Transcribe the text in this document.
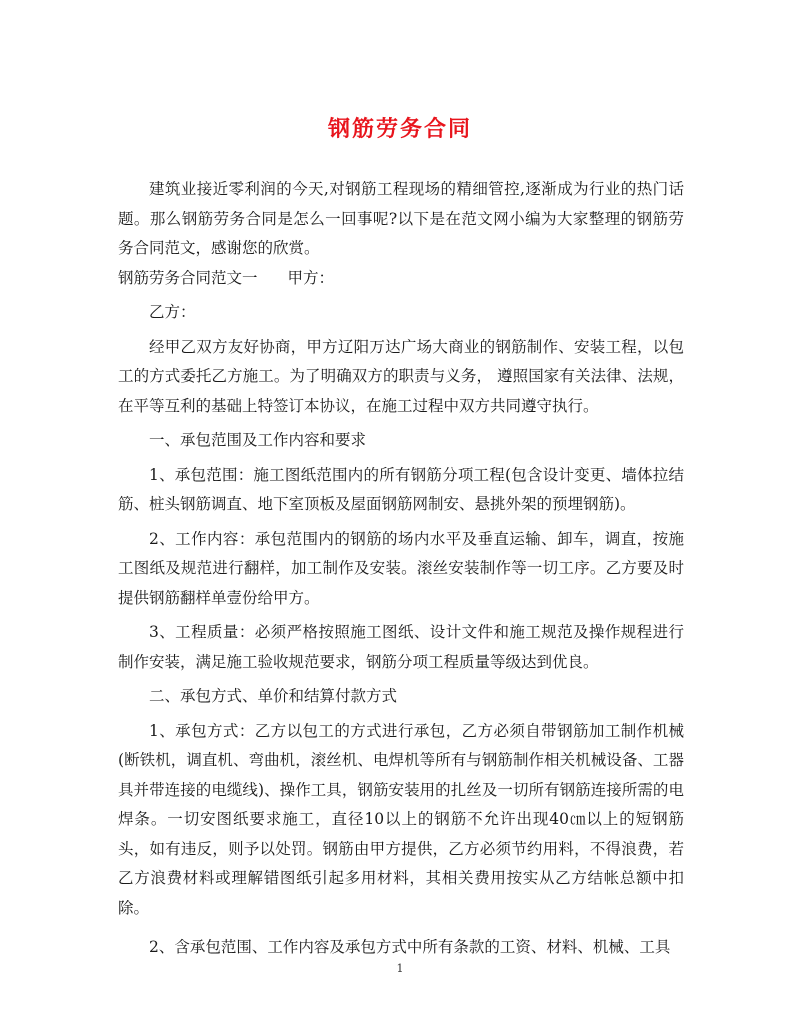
钢筋劳务合同

建筑业接近零利润的今天,对钢筋工程现场的精细管控,逐渐成为行业的热门话题。那么钢筋劳务合同是怎么一回事呢?以下是在范文网小编为大家整理的钢筋劳务合同范文，感谢您的欣赏。

钢筋劳务合同范文一 甲方：

乙方：

经甲乙双方友好协商，甲方辽阳万达广场大商业的钢筋制作、安装工程，以包工的方式委托乙方施工。为了明确双方的职责与义务， 遵照国家有关法律、法规，在平等互利的基础上特签订本协议，在施工过程中双方共同遵守执行。

一、承包范围及工作内容和要求

1、承包范围：施工图纸范围内的所有钢筋分项工程(包含设计变更、墙体拉结筋、桩头钢筋调直、地下室顶板及屋面钢筋网制安、悬挑外架的预埋钢筋)。

2、工作内容：承包范围内的钢筋的场内水平及垂直运输、卸车，调直，按施工图纸及规范进行翻样，加工制作及安装。滚丝安装制作等一切工序。乙方要及时提供钢筋翻样单壹份给甲方。

3、工程质量：必须严格按照施工图纸、设计文件和施工规范及操作规程进行制作安装，满足施工验收规范要求，钢筋分项工程质量等级达到优良。

二、承包方式、单价和结算付款方式

1、承包方式：乙方以包工的方式进行承包，乙方必须自带钢筋加工制作机械(断铁机，调直机、弯曲机，滚丝机、电焊机等所有与钢筋制作相关机械设备、工器具并带连接的电缆线)、操作工具，钢筋安装用的扎丝及一切所有钢筋连接所需的电焊条。一切安图纸要求施工，直径10以上的钢筋不允许出现40㎝以上的短钢筋头，如有违反，则予以处罚。钢筋由甲方提供，乙方必须节约用料，不得浪费，若乙方浪费材料或理解错图纸引起多用材料，其相关费用按实从乙方结帐总额中扣除。

2、含承包范围、工作内容及承包方式中所有条款的工资、材料、机械、工具

1
